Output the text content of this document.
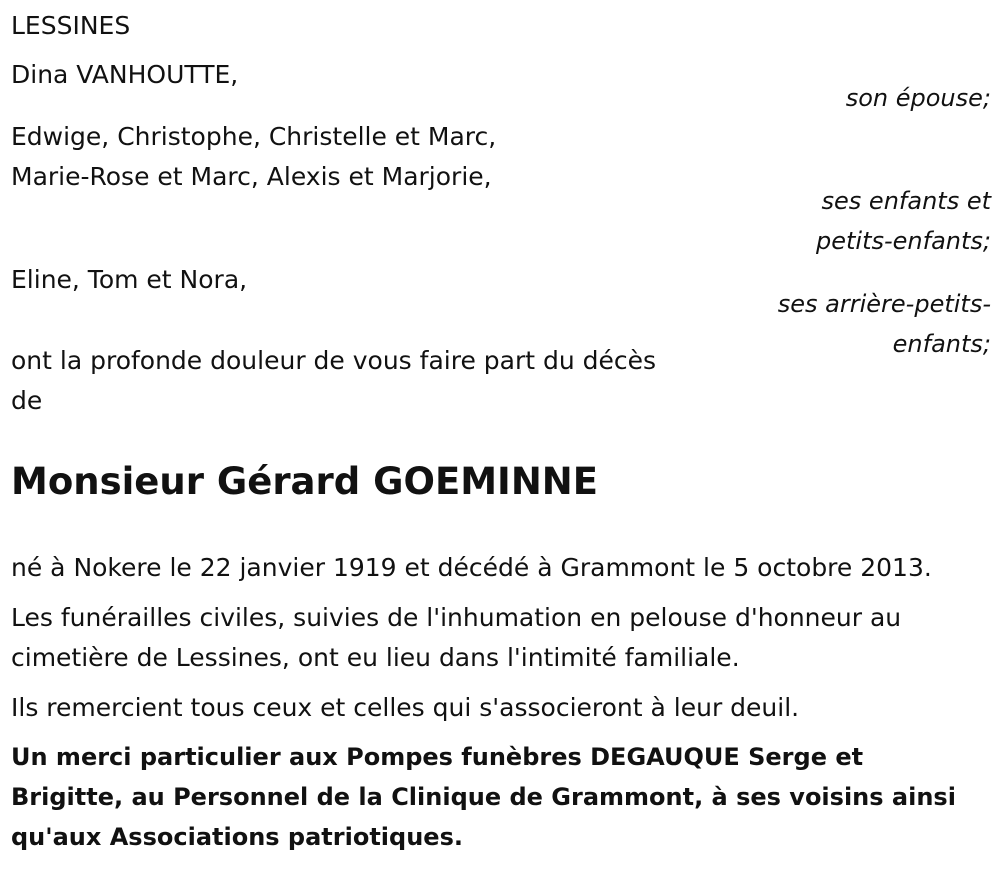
LESSINES
Dina VANHOUTTE,
son épouse;
Edwige, Christophe, Christelle et Marc,
Marie-Rose et Marc, Alexis et Marjorie,
ses enfants et
petits-enfants;
Eline, Tom et Nora,
ses arrière-petits-
enfants;
ont la profonde douleur de vous faire part du décès
de
Monsieur Gérard GOEMINNE
né à Nokere le 22 janvier 1919 et décédé à Grammont le 5 octobre 2013.
Les funérailles civiles, suivies de l'inhumation en pelouse d'honneur au
cimetière de Lessines, ont eu lieu dans l'intimité familiale.
Ils remercient tous ceux et celles qui s'associeront à leur deuil.
Un merci particulier aux Pompes funèbres DEGAUQUE Serge et
Brigitte, au Personnel de la Clinique de Grammont, à ses voisins ainsi
qu'aux Associations patriotiques.
